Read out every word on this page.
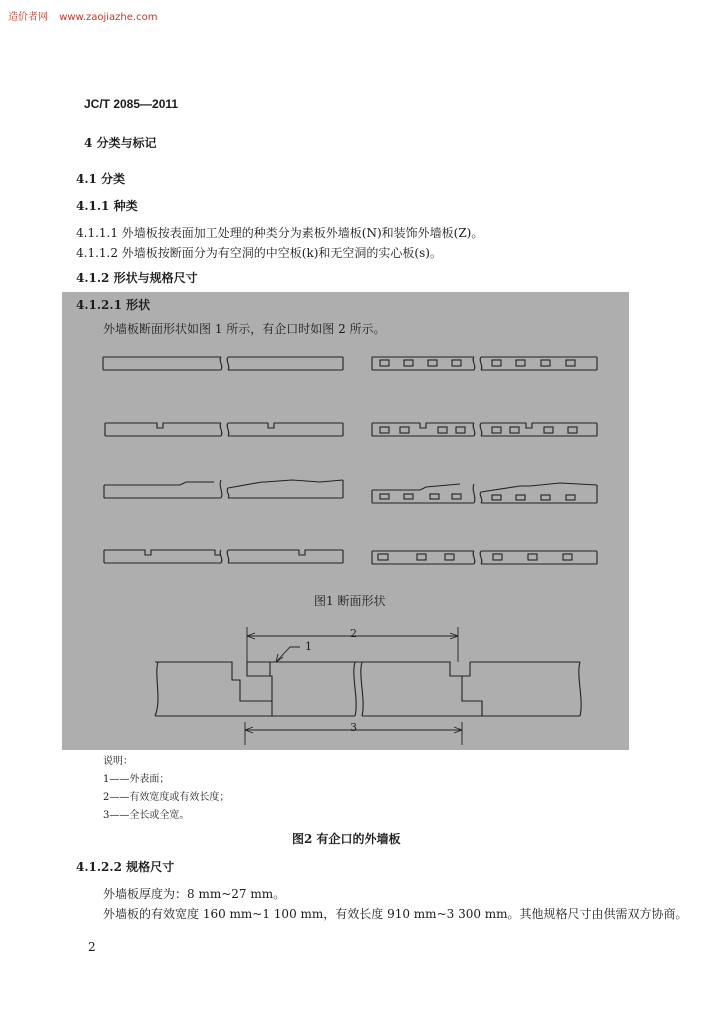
造价者网 www.zaojiazhe.com
JC/T 2085—2011
4 分类与标记
4.1 分类
4.1.1 种类
4.1.1.1 外墙板按表面加工处理的种类分为素板外墙板(N)和装饰外墙板(Z)。
4.1.1.2 外墙板按断面分为有空洞的中空板(k)和无空洞的实心板(s)。
4.1.2 形状与规格尺寸
4.1.2.1 形状
外墙板断面形状如图 1 所示，有企口时如图 2 所示。
图1 断面形状
2
1
3
说明：
1——外表面；
2——有效宽度或有效长度；
3——全长或全宽。
图2 有企口的外墙板
4.1.2.2 规格尺寸
外墙板厚度为：8 mm~27 mm。
外墙板的有效宽度 160 mm~1 100 mm，有效长度 910 mm~3 300 mm。其他规格尺寸由供需双方协商。
2
